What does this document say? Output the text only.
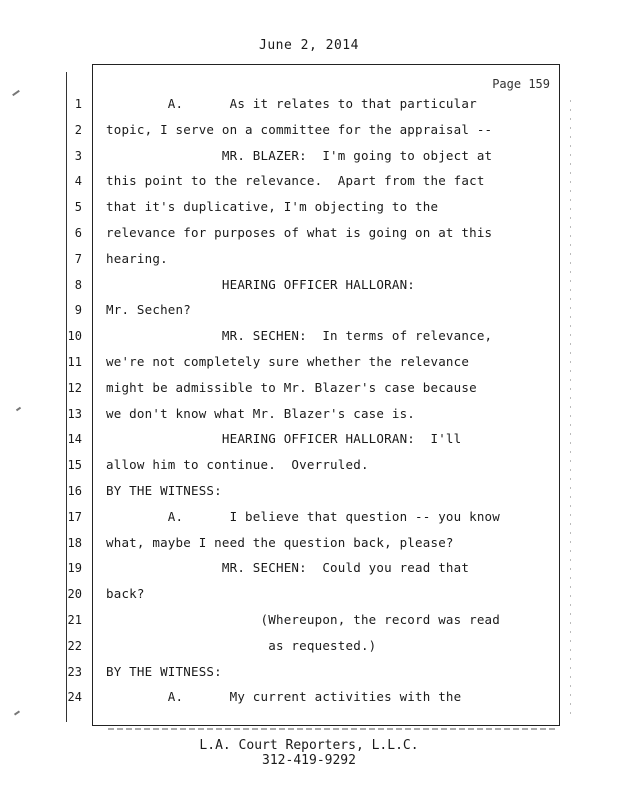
June 2, 2014
Page 159
1 A.      As it relates to that particular
2 topic, I serve on a committee for the appraisal --
3 MR. BLAZER:  I'm going to object at
4 this point to the relevance.  Apart from the fact
5 that it's duplicative, I'm objecting to the
6 relevance for purposes of what is going on at this
7 hearing.
8 HEARING OFFICER HALLORAN:
9 Mr. Sechen?
10 MR. SECHEN:  In terms of relevance,
11 we're not completely sure whether the relevance
12 might be admissible to Mr. Blazer's case because
13 we don't know what Mr. Blazer's case is.
14 HEARING OFFICER HALLORAN:  I'll
15 allow him to continue.  Overruled.
16 BY THE WITNESS:
17 A.      I believe that question -- you know
18 what, maybe I need the question back, please?
19 MR. SECHEN:  Could you read that
20 back?
21 (Whereupon, the record was read
22 as requested.)
23 BY THE WITNESS:
24 A.      My current activities with the
L.A. Court Reporters, L.L.C.
312-419-9292
